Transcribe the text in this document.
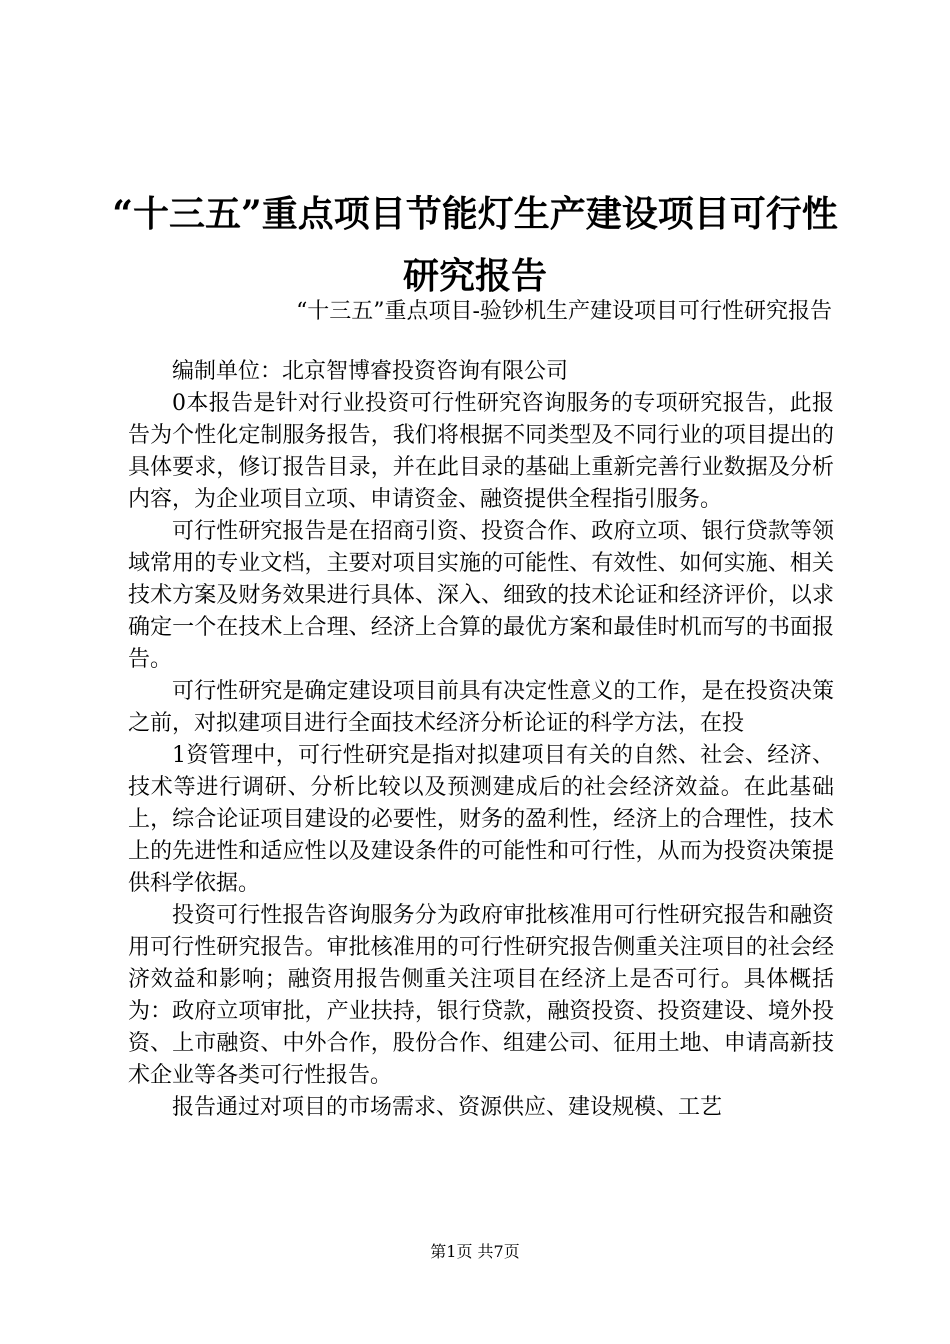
“十三五”重点项目节能灯生产建设项目可行性研究报告
“十三五”重点项目-验钞机生产建设项目可行性研究报告

编制单位：北京智博睿投资咨询有限公司

0本报告是针对行业投资可行性研究咨询服务的专项研究报告，此报告为个性化定制服务报告，我们将根据不同类型及不同行业的项目提出的具体要求，修订报告目录，并在此目录的基础上重新完善行业数据及分析内容，为企业项目立项、申请资金、融资提供全程指引服务。

可行性研究报告是在招商引资、投资合作、政府立项、银行贷款等领域常用的专业文档，主要对项目实施的可能性、有效性、如何实施、相关技术方案及财务效果进行具体、深入、细致的技术论证和经济评价，以求确定一个在技术上合理、经济上合算的最优方案和最佳时机而写的书面报告。

可行性研究是确定建设项目前具有决定性意义的工作，是在投资决策之前，对拟建项目进行全面技术经济分析论证的科学方法，在投

1资管理中，可行性研究是指对拟建项目有关的自然、社会、经济、技术等进行调研、分析比较以及预测建成后的社会经济效益。在此基础上，综合论证项目建设的必要性，财务的盈利性，经济上的合理性，技术上的先进性和适应性以及建设条件的可能性和可行性，从而为投资决策提供科学依据。

投资可行性报告咨询服务分为政府审批核准用可行性研究报告和融资用可行性研究报告。审批核准用的可行性研究报告侧重关注项目的社会经济效益和影响；融资用报告侧重关注项目在经济上是否可行。具体概括为：政府立项审批，产业扶持，银行贷款，融资投资、投资建设、境外投资、上市融资、中外合作，股份合作、组建公司、征用土地、申请高新技术企业等各类可行性报告。

报告通过对项目的市场需求、资源供应、建设规模、工艺

第1页 共7页
